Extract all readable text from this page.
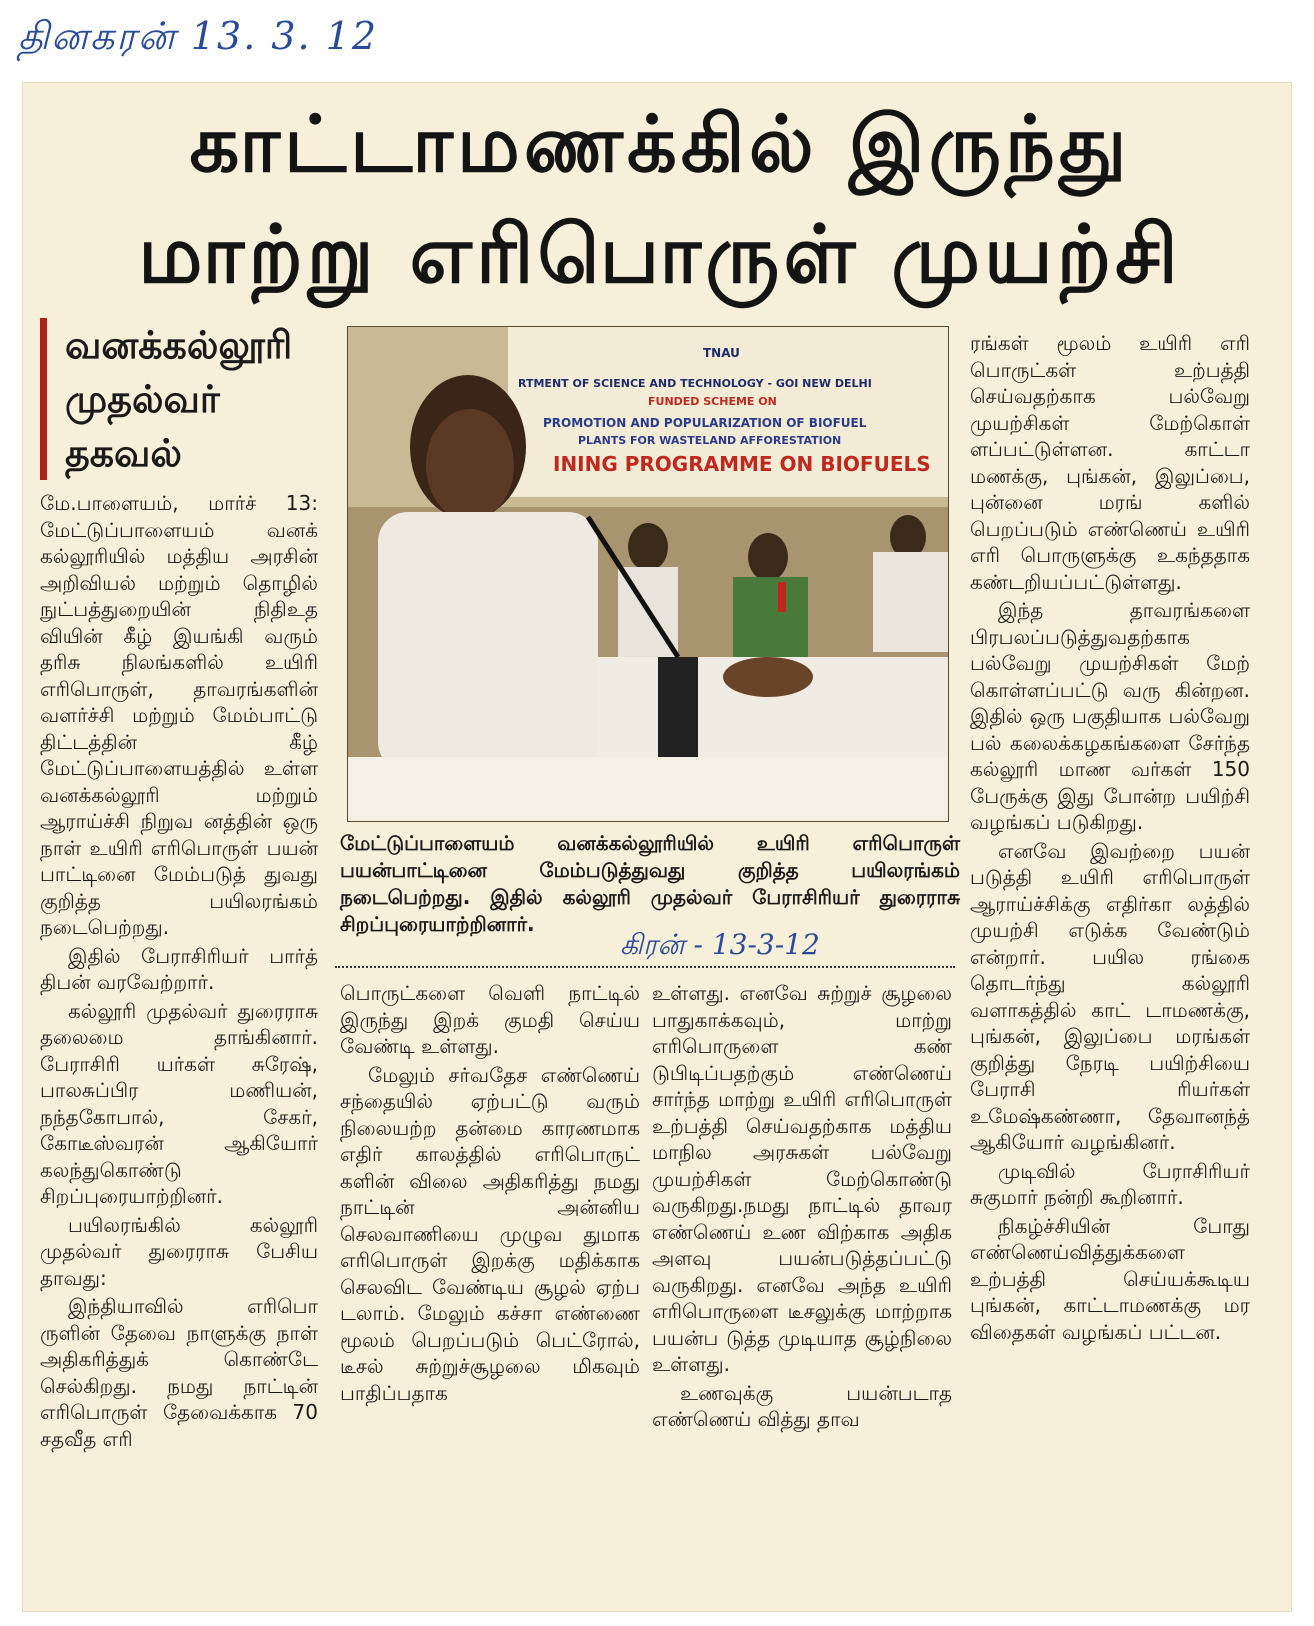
தினகரன் 13. 3. 12
காட்டாமணக்கில் இருந்து
மாற்று எரிபொருள் முயற்சி
வனக்கல்லூரி
முதல்வர்
தகவல்
TNAU
RTMENT OF SCIENCE AND TECHNOLOGY - GOI NEW DELHI
FUNDED SCHEME ON
PROMOTION AND POPULARIZATION OF BIOFUEL
PLANTS FOR WASTELAND AFFORESTATION
INING PROGRAMME ON BIOFUELS
மேட்டுப்பாளையம் வனக்கல்லூரியில் உயிரி எரிபொருள் பயன்பாட்டினை மேம்படுத்துவது குறித்த பயிலரங்கம் நடைபெற்றது. இதில் கல்லூரி முதல்வர் பேராசிரியர் துரைராசு சிறப்புரையாற்றினார்.
கிரன் - 13-3-12

மே.பாளையம், மார்ச் 13: மேட்டுப்பாளையம் வனக் கல்லூரியில் மத்திய அரசின் அறிவியல் மற்றும் தொழில் நுட்பத்துறையின் நிதிஉத வியின் கீழ் இயங்கி வரும் தரிசு நிலங்களில் உயிரி எரிபொருள், தாவரங்களின் வளர்ச்சி மற்றும் மேம்பாட்டு திட்டத்தின் கீழ் மேட்டுப்பாளையத்தில் உள்ள வனக்கல்லூரி மற்றும் ஆராய்ச்சி நிறுவ னத்தின் ஒரு நாள் உயிரி எரிபொருள் பயன் பாட்டினை மேம்படுத் துவது குறித்த பயிலரங்கம் நடைபெற்றது.

இதில் பேராசிரியர் பார்த் திபன் வரவேற்றார்.

கல்லூரி முதல்வர் துரைராசு தலைமை தாங்கினார். பேராசிரி யர்கள் சுரேஷ், பாலசுப்பிர மணியன், நந்தகோபால், சேகர், கோடீஸ்வரன் ஆகியோர் கலந்துகொண்டு சிறப்புரையாற்றினர்.

பயிலரங்கில் கல்லூரி முதல்வர் துரைராசு பேசிய தாவது:

இந்தியாவில் எரிபொ ருளின் தேவை நாளுக்கு நாள் அதிகரித்துக் கொண்டே செல்கிறது. நமது நாட்டின் எரிபொருள் தேவைக்காக 70 சதவீத எரி

பொருட்களை வெளி நாட்டில் இருந்து இறக் குமதி செய்ய வேண்டி உள்ளது.

மேலும் சர்வதேச எண்ணெய் சந்தையில் ஏற்பட்டு வரும் நிலையற்ற தன்மை காரணமாக எதிர் காலத்தில் எரிபொருட் களின் விலை அதிகரித்து நமது நாட்டின் அன்னிய செலவாணியை முழுவ துமாக எரிபொருள் இறக்கு மதிக்காக செலவிட வேண்டிய சூழல் ஏற்ப டலாம். மேலும் கச்சா எண்ணை மூலம் பெறப்படும் பெட்ரோல், டீசல் சுற்றுச்சூழலை மிகவும் பாதிப்பதாக

உள்ளது. எனவே சுற்றுச் சூழலை பாதுகாக்கவும், மாற்று எரிபொருளை கண் டுபிடிப்பதற்கும் எண்ணெய் சார்ந்த மாற்று உயிரி எரிபொருள் உற்பத்தி செய்வதற்காக மத்திய மாநில அரசுகள் பல்வேறு முயற்சிகள் மேற்கொண்டு வருகிறது.நமது நாட்டில் தாவர எண்ணெய் உண விற்காக அதிக அளவு பயன்படுத்தப்பட்டு வருகிறது. எனவே அந்த உயிரி எரிபொருளை டீசலுக்கு மாற்றாக பயன்ப டுத்த முடியாத சூழ்நிலை உள்ளது.

உணவுக்கு பயன்படாத எண்ணெய் வித்து தாவ

ரங்கள் மூலம் உயிரி எரி பொருட்கள் உற்பத்தி செய்வதற்காக பல்வேறு முயற்சிகள் மேற்கொள் ளப்பட்டுள்ளன. காட்டா மணக்கு, புங்கன், இலுப்பை, புன்னை மரங் களில் பெறப்படும் எண்ணெய் உயிரி எரி பொருளுக்கு உகந்ததாக கண்டறியப்பட்டுள்ளது.

இந்த தாவரங்களை பிரபலப்படுத்துவதற்காக பல்வேறு முயற்சிகள் மேற் கொள்ளப்பட்டு வரு கின்றன. இதில் ஒரு பகுதியாக பல்வேறு பல் கலைக்கழகங்களை சேர்ந்த கல்லூரி மாண வர்கள் 150 பேருக்கு இது போன்ற பயிற்சி வழங்கப் படுகிறது.

எனவே இவற்றை பயன் படுத்தி உயிரி எரிபொருள் ஆராய்ச்சிக்கு எதிர்கா லத்தில் முயற்சி எடுக்க வேண்டும் என்றார். பயில ரங்கை தொடர்ந்து கல்லூரி வளாகத்தில் காட் டாமணக்கு, புங்கன், இலுப்பை மரங்கள் குறித்து நேரடி பயிற்சியை பேராசி ரியர்கள் உமேஷ்கண்ணா, தேவானந்த் ஆகியோர் வழங்கினர்.

முடிவில் பேராசிரியர் சுகுமார் நன்றி கூறினார்.

நிகழ்ச்சியின் போது எண்ணெய்வித்துக்களை உற்பத்தி செய்யக்கூடிய புங்கன், காட்டாமணக்கு மர விதைகள் வழங்கப் பட்டன.
